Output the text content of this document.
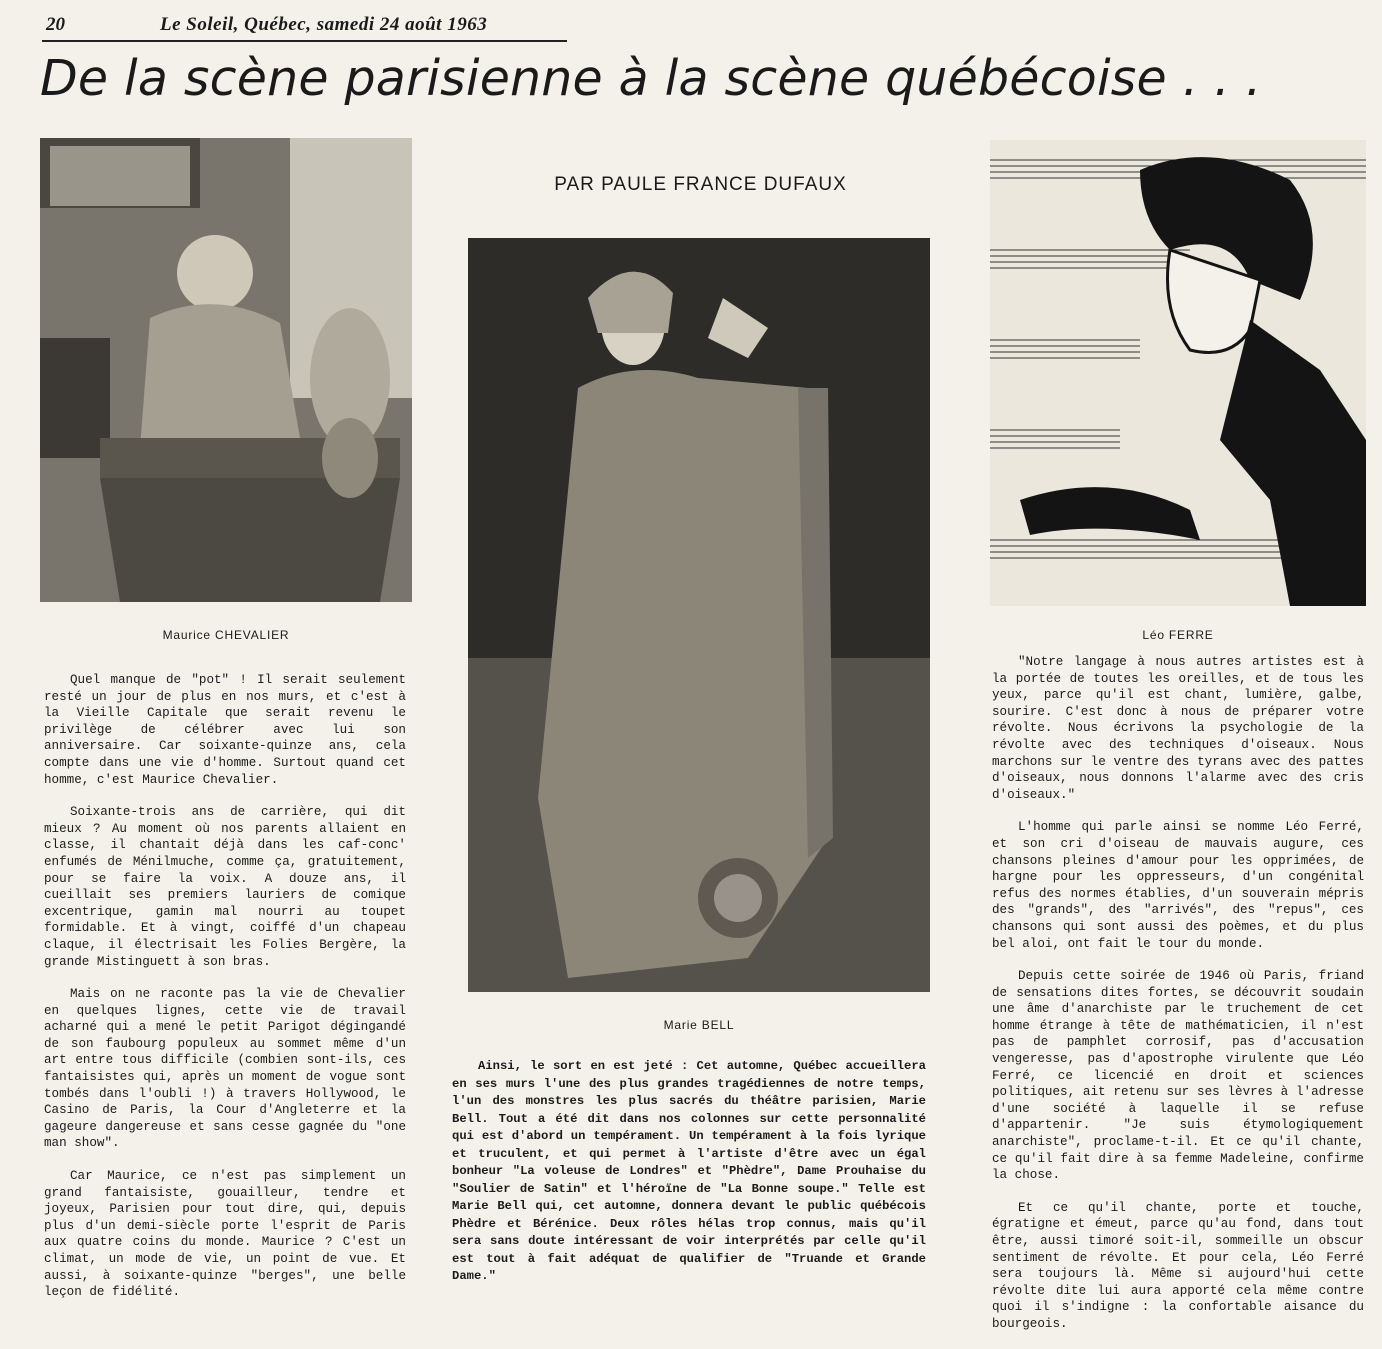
20	Le Soleil, Québec, samedi 24 août 1963
De la scène parisienne à la scène québécoise . . .
PAR PAULE FRANCE DUFAUX
Maurice CHEVALIER
Marie BELL
Léo FERRE

Quel manque de "pot" ! Il serait seulement resté un jour de plus en nos murs, et c'est à la Vieille Capitale que serait revenu le privilège de célébrer avec lui son anniversaire. Car soixante-quinze ans, cela compte dans une vie d'homme. Surtout quand cet homme, c'est Maurice Chevalier.

Soixante-trois ans de carrière, qui dit mieux ? Au moment où nos parents allaient en classe, il chantait déjà dans les caf-conc' enfumés de Ménilmuche, comme ça, gratuitement, pour se faire la voix. A douze ans, il cueillait ses premiers lauriers de comique excentrique, gamin mal nourri au toupet formidable. Et à vingt, coiffé d'un chapeau claque, il électrisait les Folies Bergère, la grande Mistinguett à son bras.

Mais on ne raconte pas la vie de Chevalier en quelques lignes, cette vie de travail acharné qui a mené le petit Parigot dégingandé de son faubourg populeux au sommet même d'un art entre tous difficile (combien sont-ils, ces fantaisistes qui, après un moment de vogue sont tombés dans l'oubli !) à travers Hollywood, le Casino de Paris, la Cour d'Angleterre et la gageure dangereuse et sans cesse gagnée du "one man show".

Car Maurice, ce n'est pas simplement un grand fantaisiste, gouailleur, tendre et joyeux, Parisien pour tout dire, qui, depuis plus d'un demi-siècle porte l'esprit de Paris aux quatre coins du monde. Maurice ? C'est un climat, un mode de vie, un point de vue. Et aussi, à soixante-quinze "berges", une belle leçon de fidélité.

Ainsi, le sort en est jeté : Cet automne, Québec accueillera en ses murs l'une des plus grandes tragédiennes de notre temps, l'un des monstres les plus sacrés du théâtre parisien, Marie Bell. Tout a été dit dans nos colonnes sur cette personnalité qui est d'abord un tempérament. Un tempérament à la fois lyrique et truculent, et qui permet à l'artiste d'être avec un égal bonheur "La voleuse de Londres" et "Phèdre", Dame Prouhaise du "Soulier de Satin" et l'héroïne de "La Bonne soupe." Telle est Marie Bell qui, cet automne, donnera devant le public québécois Phèdre et Bérénice. Deux rôles hélas trop connus, mais qu'il sera sans doute intéressant de voir interprétés par celle qu'il est tout à fait adéquat de qualifier de "Truande et Grande Dame."

"Notre langage à nous autres artistes est à la portée de toutes les oreilles, et de tous les yeux, parce qu'il est chant, lumière, galbe, sourire. C'est donc à nous de préparer votre révolte. Nous écrivons la psychologie de la révolte avec des techniques d'oiseaux. Nous marchons sur le ventre des tyrans avec des pattes d'oiseaux, nous donnons l'alarme avec des cris d'oiseaux."

L'homme qui parle ainsi se nomme Léo Ferré, et son cri d'oiseau de mauvais augure, ces chansons pleines d'amour pour les opprimées, de hargne pour les oppresseurs, d'un congénital refus des normes établies, d'un souverain mépris des "grands", des "arrivés", des "repus", ces chansons qui sont aussi des poèmes, et du plus bel aloi, ont fait le tour du monde.

Depuis cette soirée de 1946 où Paris, friand de sensations dites fortes, se découvrit soudain une âme d'anarchiste par le truchement de cet homme étrange à tête de mathématicien, il n'est pas de pamphlet corrosif, pas d'accusation vengeresse, pas d'apostrophe virulente que Léo Ferré, ce licencié en droit et sciences politiques, ait retenu sur ses lèvres à l'adresse d'une société à laquelle il se refuse d'appartenir. "Je suis étymologiquement anarchiste", proclame-t-il. Et ce qu'il chante, ce qu'il fait dire à sa femme Madeleine, confirme la chose.

Et ce qu'il chante, porte et touche, égratigne et émeut, parce qu'au fond, dans tout être, aussi timoré soit-il, sommeille un obscur sentiment de révolte. Et pour cela, Léo Ferré sera toujours là. Même si aujourd'hui cette révolte dite lui aura apporté cela même contre quoi il s'indigne : la confortable aisance du bourgeois.
